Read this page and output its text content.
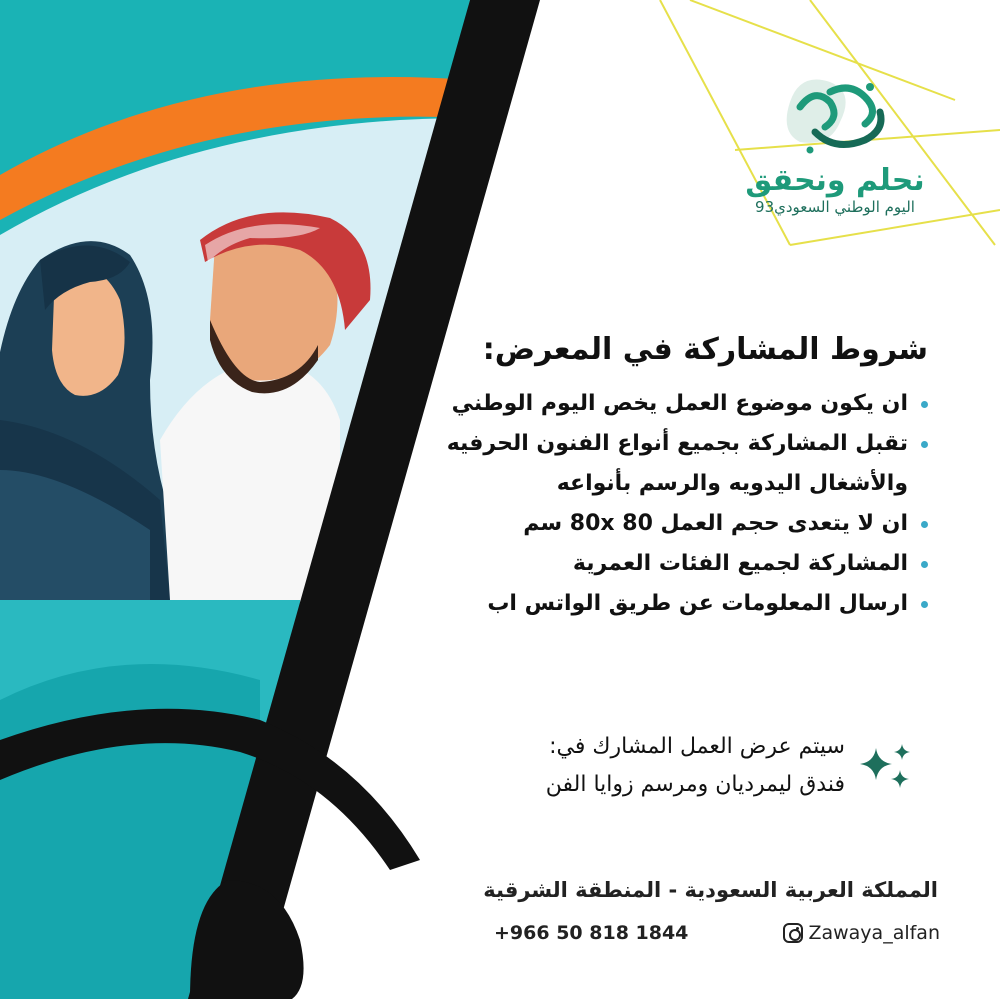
نحلم ونحقق
اليوم الوطني السعودي93
شروط المشاركة في المعرض:
ان يكون موضوع العمل يخص اليوم الوطني
تقبل المشاركة بجميع أنواع الفنون الحرفيه والأشغال اليدويه والرسم بأنواعه
ان لا يتعدى حجم العمل 80 80x سم
المشاركة لجميع الفئات العمرية
ارسال المعلومات عن طريق الواتس اب
سيتم عرض العمل المشارك في:
فندق ليمرديان ومرسم زوايا الفن
المملكة العربية السعودية - المنطقة الشرقية
+966 50 818 1844	Zawaya_alfan
